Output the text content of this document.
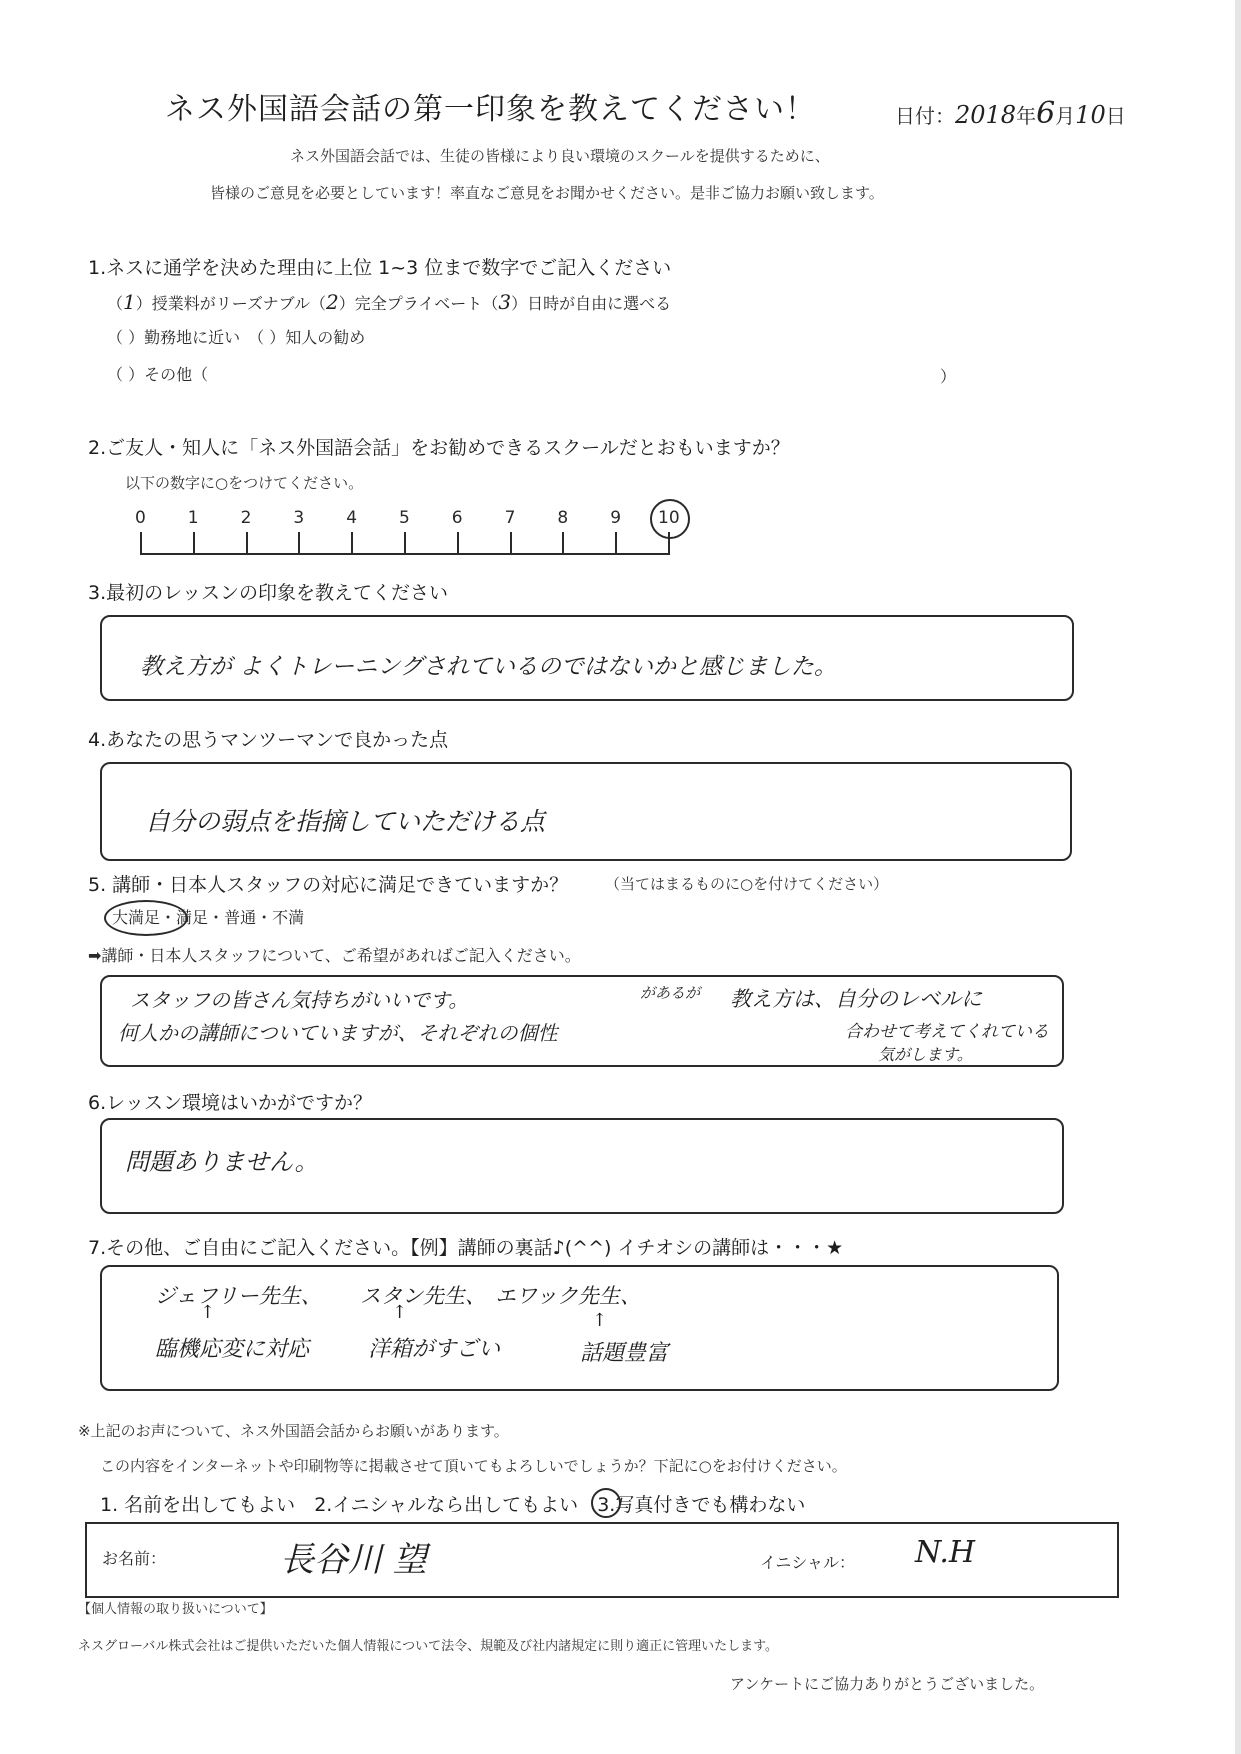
ネス外国語会話の第一印象を教えてください！	日付：2018年6月10日
ネス外国語会話では、生徒の皆様により良い環境のスクールを提供するために、
皆様のご意見を必要としています！率直なご意見をお聞かせください。是非ご協力お願い致します。
1.ネスに通学を決めた理由に上位 1~3 位まで数字でご記入ください
（1）授業料がリーズナブル（2）完全プライベート（3）日時が自由に選べる
（ ）勤務地に近い　（ ）知人の勧め
（ ）その他（	）
2.ご友人・知人に「ネス外国語会話」をお勧めできるスクールだとおもいますか？
以下の数字に○をつけてください。
0 1 2 3 4 5 6 7 8 9 10
3.最初のレッスンの印象を教えてください
教え方が よくトレーニングされているのではないかと感じました。
4.あなたの思うマンツーマンで良かった点
自分の弱点を指摘していただける点
5. 講師・日本人スタッフの対応に満足できていますか？ （当てはまるものに○を付けてください）
大満足・満足・普通・不満
➡講師・日本人スタッフについて、ご希望があればご記入ください。
スタッフの皆さん気持ちがいいです。
何人かの講師についていますが、それぞれの個性
があるが 教え方は、自分のレベルに
合わせて考えてくれている
気がします。
6.レッスン環境はいかがですか？
問題ありません。
7.その他、ご自由にご記入ください。【例】講師の裏話♪(^^) イチオシの講師は・・・★
ジェフリー先生、 スタン先生、 エワック先生、
↑	↑	↑
臨機応変に対応	洋箱がすごい	話題豊富
※上記のお声について、ネス外国語会話からお願いがあります。
この内容をインターネットや印刷物等に掲載させて頂いてもよろしいでしょうか？下記に○をお付けください。
1. 名前を出してもよい　 2.イニシャルなら出してもよい　 3.写真付きでも構わない
お名前：	長谷川 望	イニシャル： N.H
【個人情報の取り扱いについて】
ネスグローバル株式会社はご提供いただいた個人情報について法令、規範及び社内諸規定に則り適正に管理いたします。
アンケートにご協力ありがとうございました。
